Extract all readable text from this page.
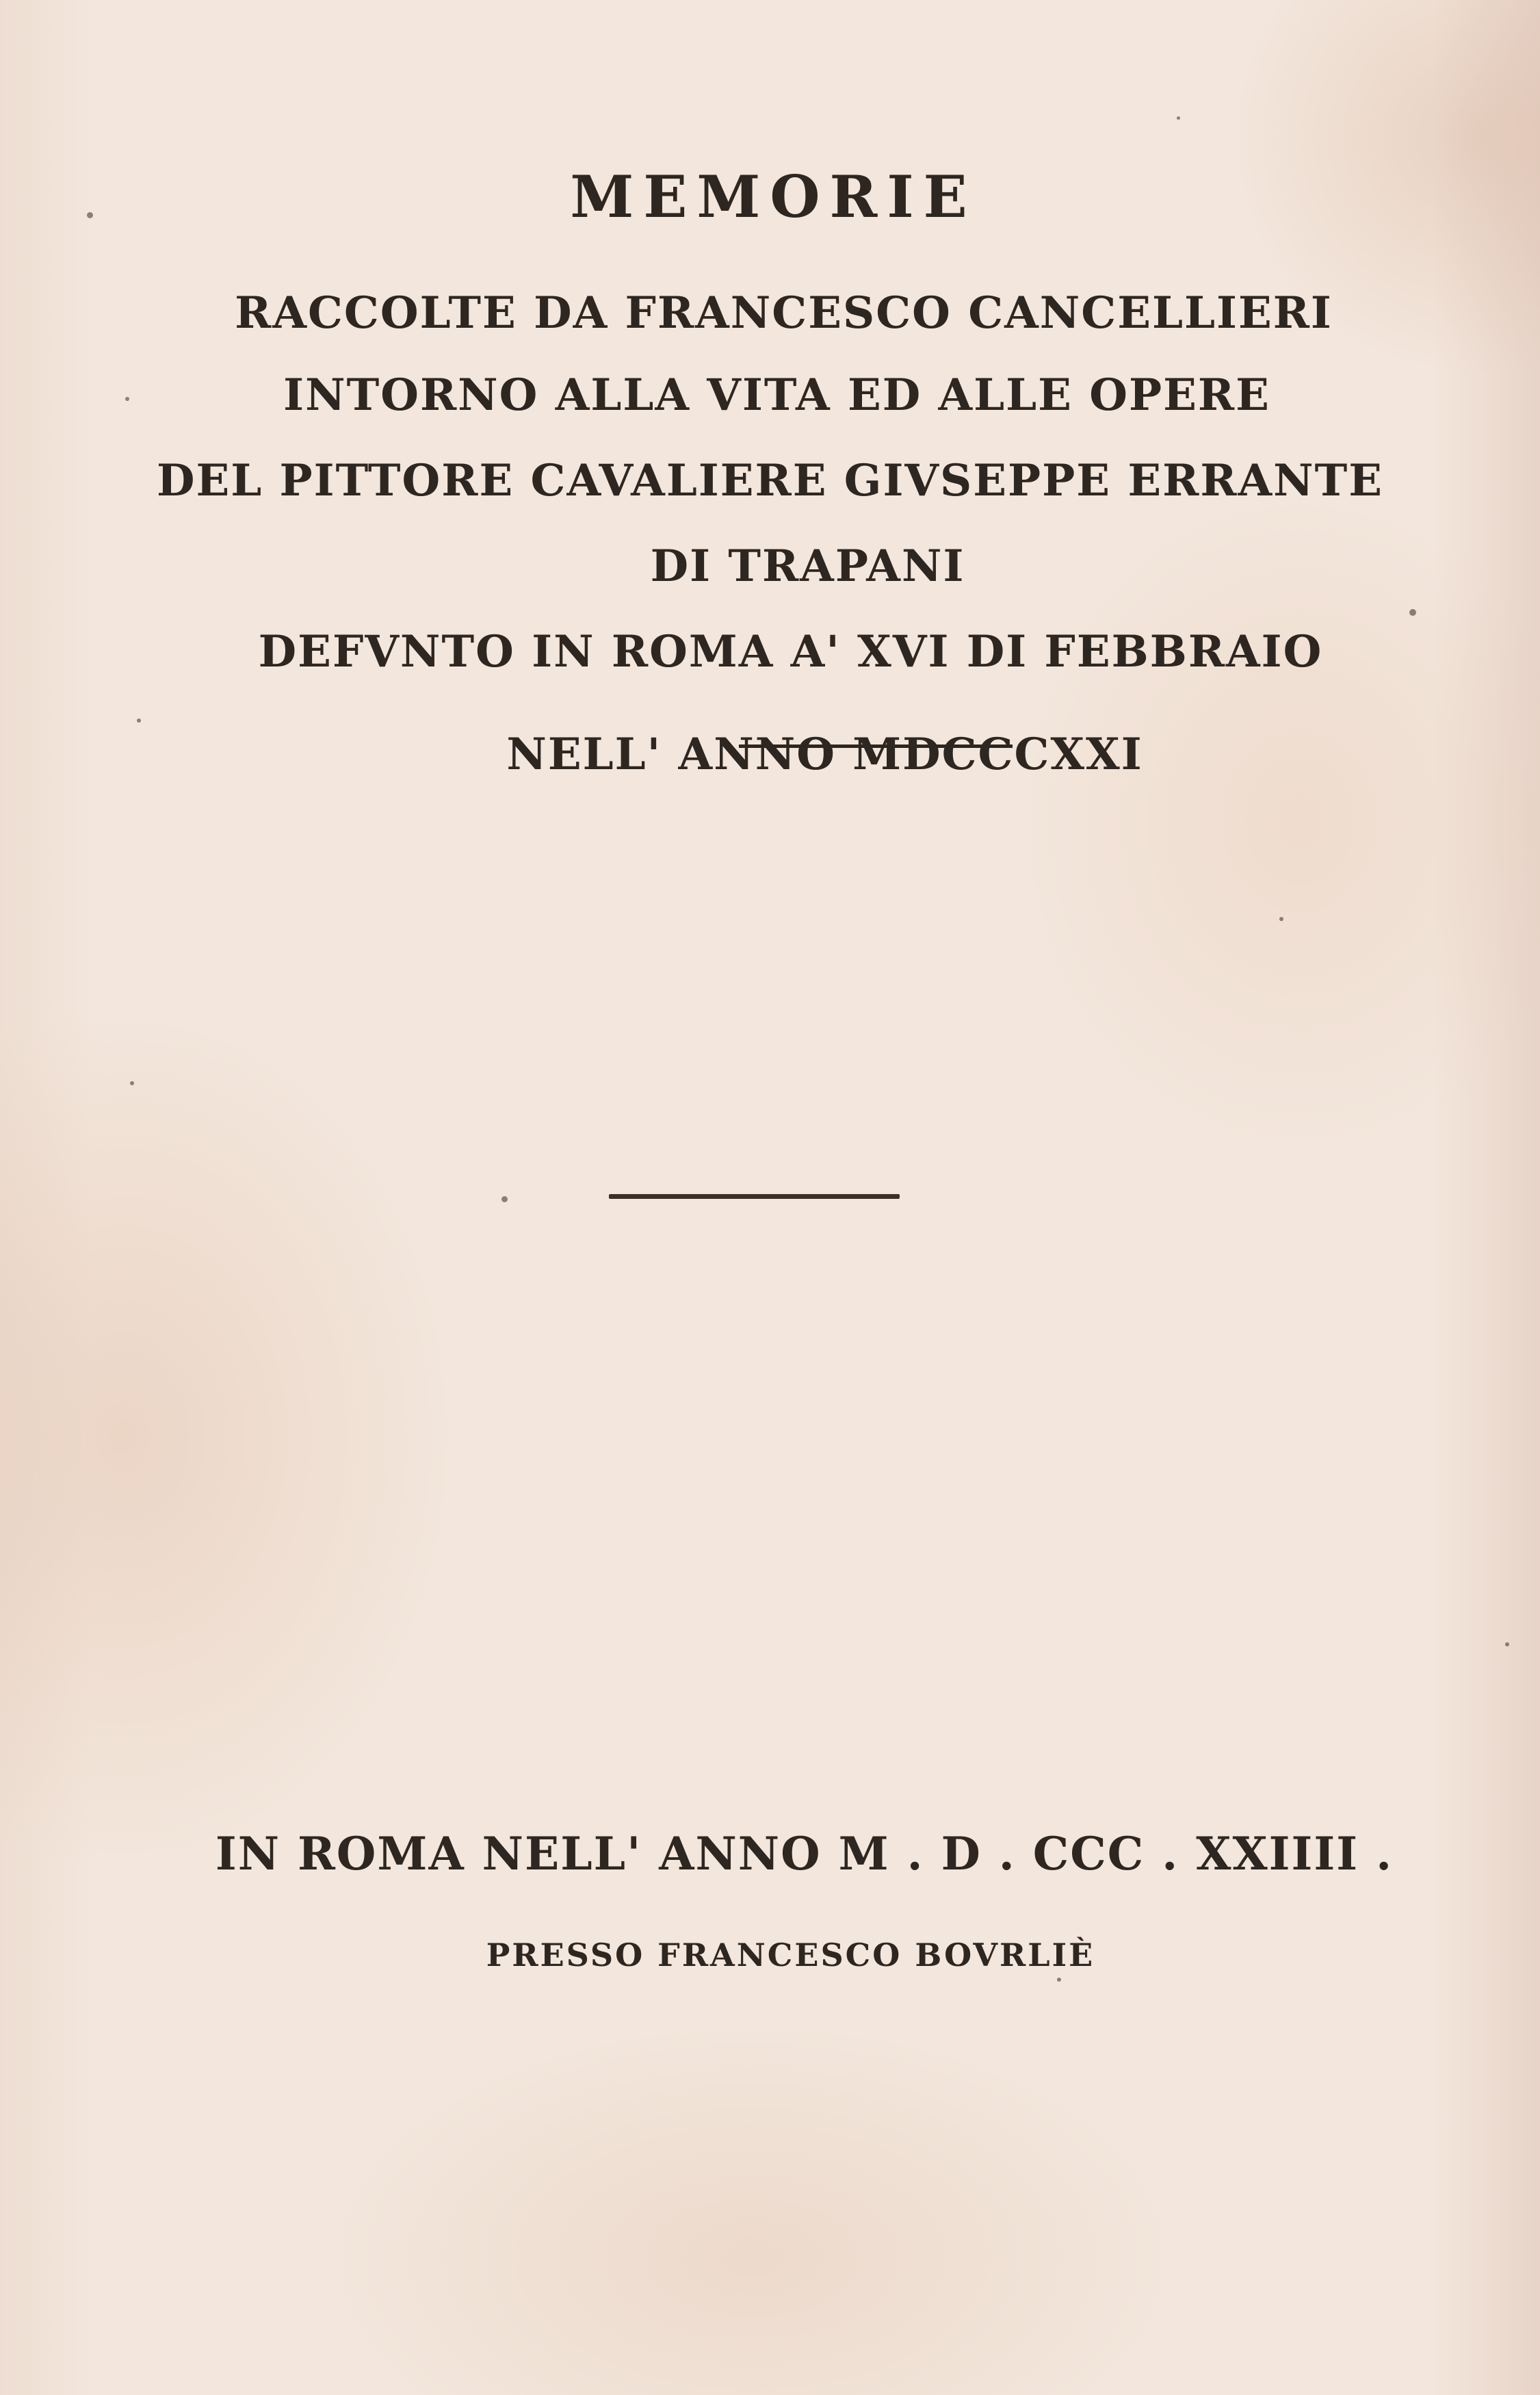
MEMORIE
RACCOLTE DA FRANCESCO CANCELLIERI
INTORNO ALLA VITA ED ALLE OPERE
DEL PITTORE CAVALIERE GIVSEPPE ERRANTE
DI TRAPANI
DEFVNTO IN ROMA A' XVI DI FEBBRAIO
NELL' ANNO MDCCCXXI
IN ROMA NELL' ANNO M . D . CCC . XXIIII .
PRESSO FRANCESCO BOVRLIÈ
